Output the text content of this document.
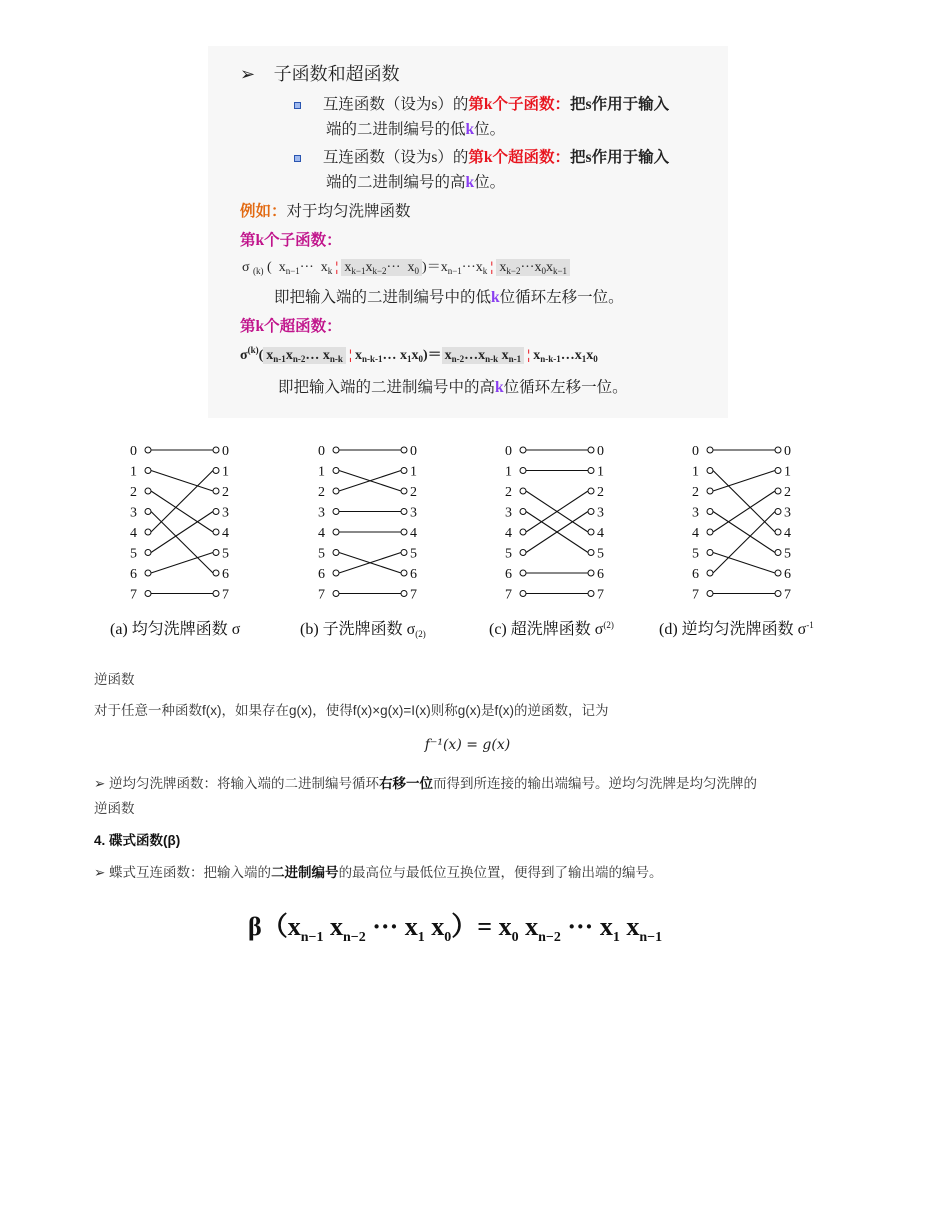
➢ 子函数和超函数
互连函数（设为s）的第k个子函数：把s作用于输入
端的二进制编号的低k位。
互连函数（设为s）的第k个超函数：把s作用于输入
端的二进制编号的高k位。
例如：对于均匀洗牌函数
第k个子函数：
σ $_{(k)}$ (  $x_{n-1}\cdot\cdot\cdot x_k$ ¦ $x_{k-1}x_{k-2}\cdot\cdot\cdot x_0$ )$=x_{n-1}\cdot\cdot\cdot x_k$ ¦ $x_{k-2}\cdot\cdot\cdot x_0x_{k-1}$
即把输入端的二进制编号中的低k位循环左移一位。
第k个超函数：
$\sigma^{(k)}$( $x_{n-1}x_{n-2}\dots$ $x_{n-k}$ ¦ $x_{n-k-1}\dots$ $x_1x_0)=$ $x_{n-2}\dots x_{n-k}$ $x_{n-1}$ ¦ $x_{n-k-1}\dots x_1x_0$
即把输入端的二进制编号中的高k位循环左移一位。
0	0
1	1
2	2
3	3
4	4
5	5
6	6
7	7
0	0
1	1
2	2
3	3
4	4
5	5
6	6
7	7
0	0
1	1
2	2
3	3
4	4
5	5
6	6
7	7
0	0
1	1
2	2
3	3
4	4
5	5
6	6
7	7
(a) 均匀洗牌函数 σ	(b) 子洗牌函数 $\sigma_{(2)}$	(c) 超洗牌函数 $\sigma^{(2)}$	(d) 逆均匀洗牌函数 $\sigma^{-1}$
逆函数
对于任意一种函数f(x)，如果存在g(x)，使得f(x)×g(x)=I(x)则称g(x)是f(x)的逆函数，记为
f⁻¹(x) = g(x)
➢ 逆均匀洗牌函数：将输入端的二进制编号循环右移一位而得到所连接的输出端编号。逆均匀洗牌是均匀洗牌的
逆函数
4. 碟式函数(β)
➢ 蝶式互连函数：把输入端的二进制编号的最高位与最低位互换位置，便得到了输出端的编号。
$\beta(x_{n-1}$ $x_{n-2}$ ··· $x_1$ $x_0)= x_0$ $x_{n-2}$ ··· $x_1$ $x_{n-1}$
